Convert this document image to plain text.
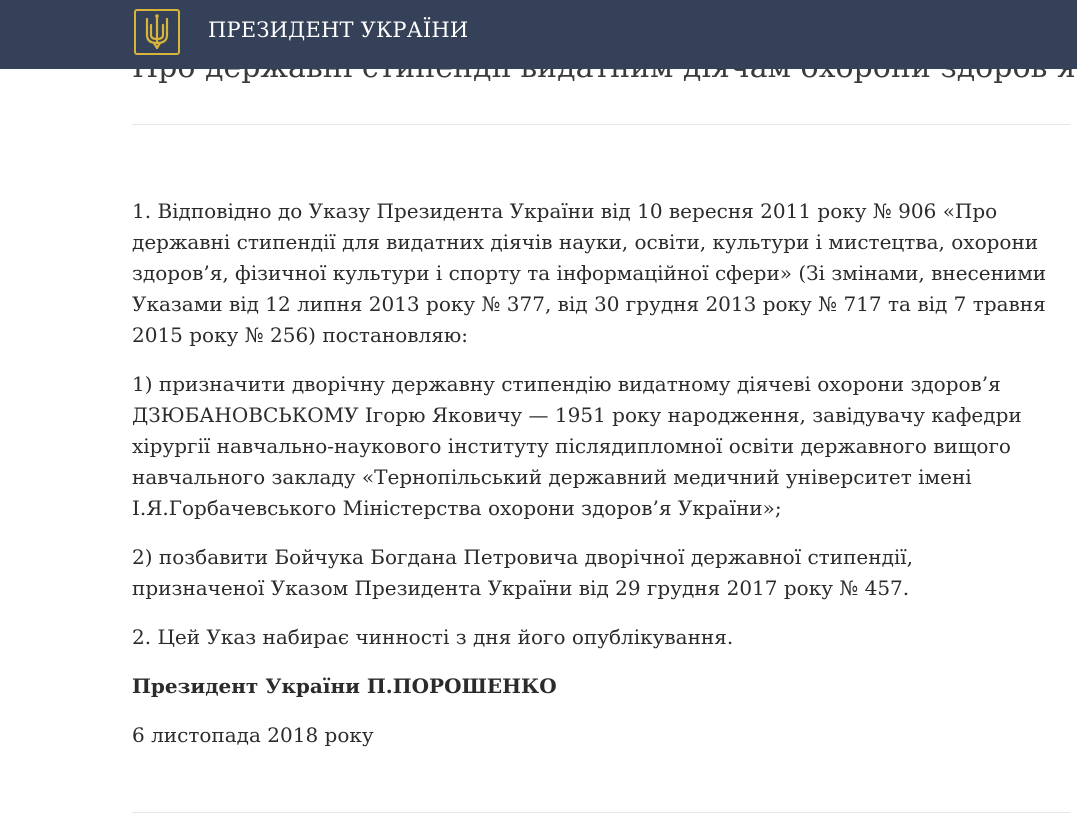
ПРЕЗИДЕНТ УКРАЇНИ

1. Відповідно до Указу Президента України від 10 вересня 2011 року № 906 «Про державні стипендії для видатних діячів науки, освіти, культури і мистецтва, охорони здоров’я, фізичної культури і спорту та інформаційної сфери» (Зі змінами, внесеними Указами від 12 липня 2013 року № 377, від 30 грудня 2013 року № 717 та від 7 травня 2015 року № 256) постановляю:

1) призначити дворічну державну стипендію видатному діячеві охорони здоров’я ДЗЮБАНОВСЬКОМУ Ігорю Яковичу — 1951 року народження, завідувачу кафедри хірургії навчально-наукового інституту післядипломної освіти державного вищого навчального закладу «Тернопільський державний медичний університет імені І.Я.Горбачевського Міністерства охорони здоров’я України»;

2) позбавити Бойчука Богдана Петровича дворічної державної стипендії, призначеної Указом Президента України від 29 грудня 2017 року № 457.

2. Цей Указ набирає чинності з дня його опублікування.

Президент України П.ПОРОШЕНКО

6 листопада 2018 року
